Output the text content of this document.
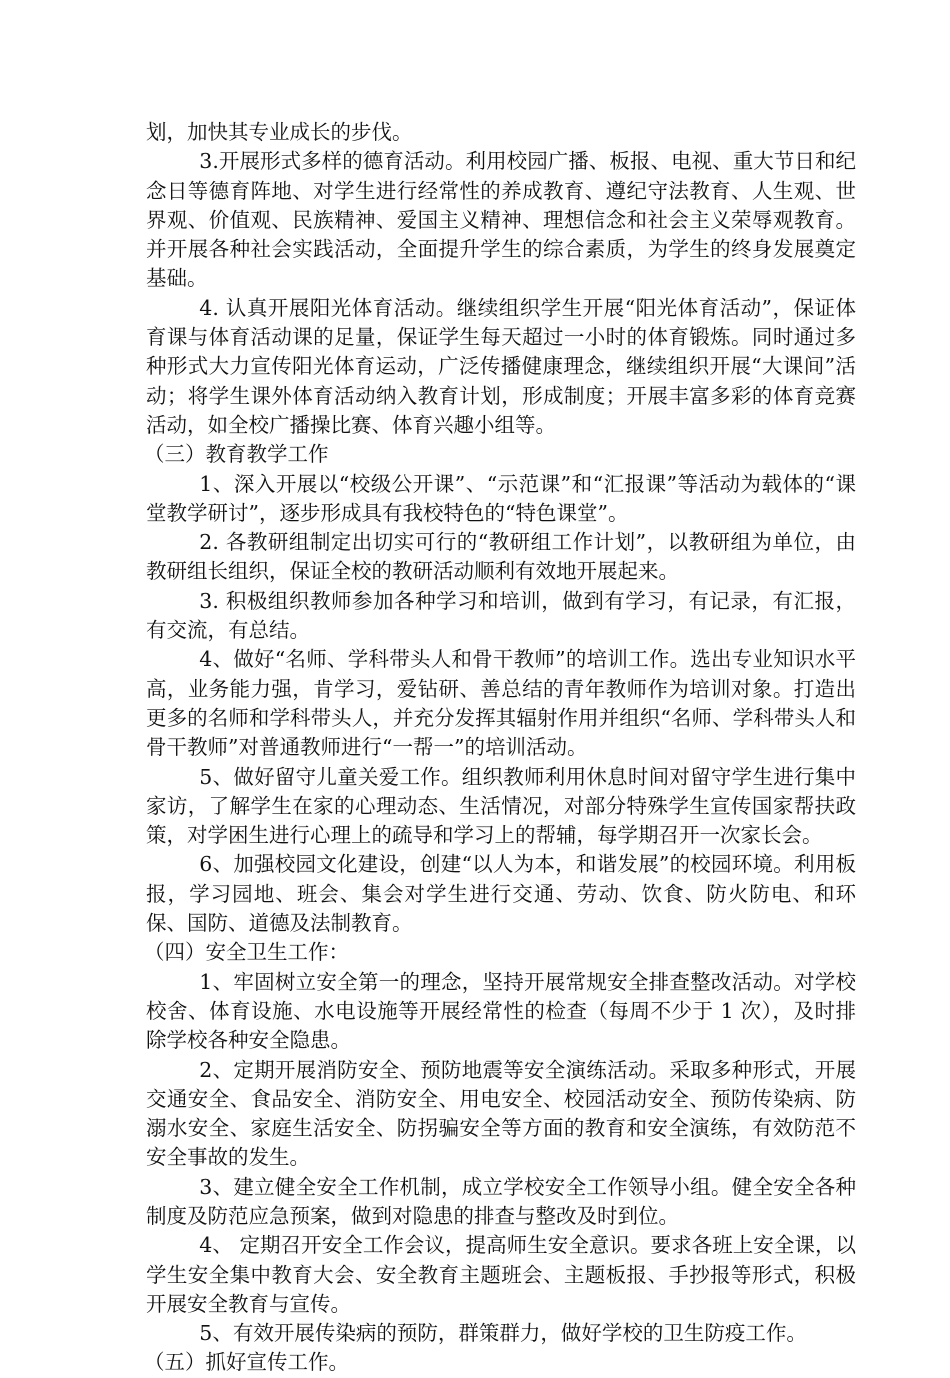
划，加快其专业成长的步伐。

3.开展形式多样的德育活动。利用校园广播、板报、电视、重大节日和纪念日等德育阵地、对学生进行经常性的养成教育、遵纪守法教育、人生观、世界观、价值观、民族精神、爱国主义精神、理想信念和社会主义荣辱观教育。并开展各种社会实践活动，全面提升学生的综合素质，为学生的终身发展奠定基础。

4. 认真开展阳光体育活动。继续组织学生开展“阳光体育活动”，保证体育课与体育活动课的足量，保证学生每天超过一小时的体育锻炼。同时通过多种形式大力宣传阳光体育运动，广泛传播健康理念，继续组织开展“大课间”活动；将学生课外体育活动纳入教育计划，形成制度；开展丰富多彩的体育竞赛活动，如全校广播操比赛、体育兴趣小组等。

（三）教育教学工作

1、深入开展以“校级公开课”、“示范课”和“汇报课”等活动为载体的“课堂教学研讨”，逐步形成具有我校特色的“特色课堂”。

2. 各教研组制定出切实可行的“教研组工作计划”，以教研组为单位，由教研组长组织，保证全校的教研活动顺利有效地开展起来。

3. 积极组织教师参加各种学习和培训，做到有学习，有记录，有汇报，有交流，有总结。

4、做好“名师、学科带头人和骨干教师”的培训工作。选出专业知识水平高，业务能力强，肯学习，爱钻研、善总结的青年教师作为培训对象。打造出更多的名师和学科带头人，并充分发挥其辐射作用并组织“名师、学科带头人和骨干教师”对普通教师进行“一帮一”的培训活动。

5、做好留守儿童关爱工作。组织教师利用休息时间对留守学生进行集中家访，了解学生在家的心理动态、生活情况，对部分特殊学生宣传国家帮扶政策，对学困生进行心理上的疏导和学习上的帮辅，每学期召开一次家长会。

6、加强校园文化建设，创建“以人为本，和谐发展”的校园环境。利用板报，学习园地、班会、集会对学生进行交通、劳动、饮食、防火防电、和环保、国防、道德及法制教育。

（四）安全卫生工作：

1、牢固树立安全第一的理念，坚持开展常规安全排查整改活动。对学校校舍、体育设施、水电设施等开展经常性的检查（每周不少于 1 次），及时排除学校各种安全隐患。

2、定期开展消防安全、预防地震等安全演练活动。采取多种形式，开展交通安全、食品安全、消防安全、用电安全、校园活动安全、预防传染病、防溺水安全、家庭生活安全、防拐骗安全等方面的教育和安全演练，有效防范不安全事故的发生。

3、建立健全安全工作机制，成立学校安全工作领导小组。健全安全各种制度及防范应急预案，做到对隐患的排查与整改及时到位。

4、 定期召开安全工作会议，提高师生安全意识。要求各班上安全课，以学生安全集中教育大会、安全教育主题班会、主题板报、手抄报等形式，积极开展安全教育与宣传。

5、有效开展传染病的预防，群策群力，做好学校的卫生防疫工作。

（五）抓好宣传工作。
